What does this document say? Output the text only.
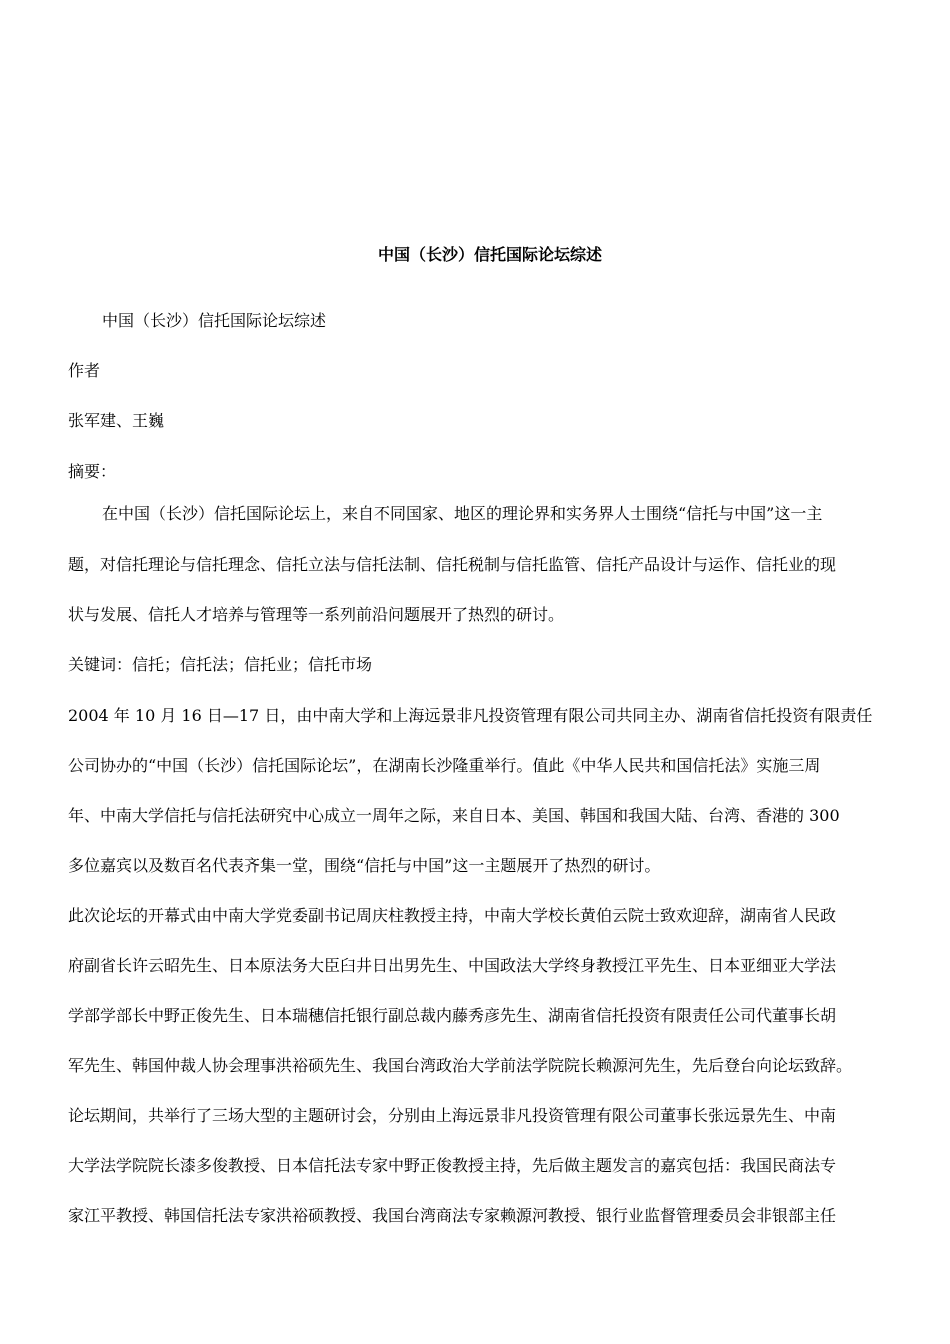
中国（长沙）信托国际论坛综述
中国（长沙）信托国际论坛综述
作者
张军建、王巍
摘要：
在中国（长沙）信托国际论坛上，来自不同国家、地区的理论界和实务界人士围绕“信托与中国”这一主
题，对信托理论与信托理念、信托立法与信托法制、信托税制与信托监管、信托产品设计与运作、信托业的现
状与发展、信托人才培养与管理等一系列前沿问题展开了热烈的研讨。
关键词：信托；信托法；信托业；信托市场
2004 年 10 月 16 日—17 日，由中南大学和上海远景非凡投资管理有限公司共同主办、湖南省信托投资有限责任
公司协办的“中国（长沙）信托国际论坛”，在湖南长沙隆重举行。值此《中华人民共和国信托法》实施三周
年、中南大学信托与信托法研究中心成立一周年之际，来自日本、美国、韩国和我国大陆、台湾、香港的 300
多位嘉宾以及数百名代表齐集一堂，围绕“信托与中国”这一主题展开了热烈的研讨。
此次论坛的开幕式由中南大学党委副书记周庆柱教授主持，中南大学校长黄伯云院士致欢迎辞，湖南省人民政
府副省长许云昭先生、日本原法务大臣臼井日出男先生、中国政法大学终身教授江平先生、日本亚细亚大学法
学部学部长中野正俊先生、日本瑞穗信托银行副总裁内藤秀彦先生、湖南省信托投资有限责任公司代董事长胡
军先生、韩国仲裁人协会理事洪裕硕先生、我国台湾政治大学前法学院院长赖源河先生，先后登台向论坛致辞。
论坛期间，共举行了三场大型的主题研讨会，分别由上海远景非凡投资管理有限公司董事长张远景先生、中南
大学法学院院长漆多俊教授、日本信托法专家中野正俊教授主持，先后做主题发言的嘉宾包括：我国民商法专
家江平教授、韩国信托法专家洪裕硕教授、我国台湾商法专家赖源河教授、银行业监督管理委员会非银部主任
